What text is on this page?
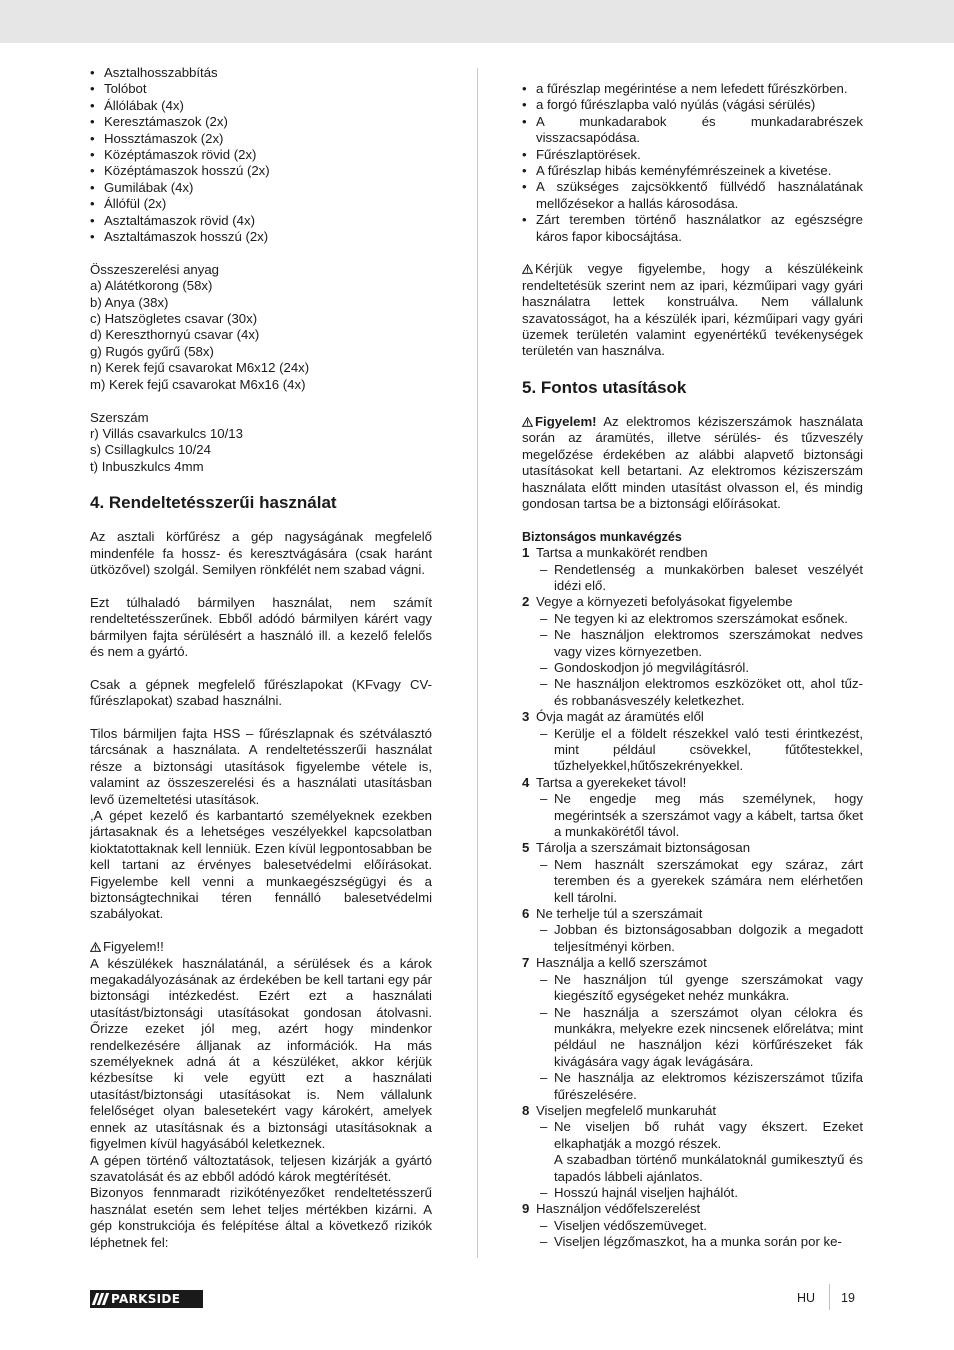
• Asztalhosszabbítás
• Tolóbot
• Állólábak (4x)
• Keresztámaszok (2x)
• Hossztámaszok (2x)
• Középtámaszok rövid (2x)
• Középtámaszok hosszú (2x)
• Gumilábak (4x)
• Állófül (2x)
• Asztaltámaszok rövid (4x)
• Asztaltámaszok hosszú (2x)
Összeszerelési anyag
a) Alátétkorong (58x)
b) Anya (38x)
c) Hatszögletes csavar (30x)
d) Kereszthornyú csavar (4x)
g) Rugós gyűrű (58x)
n) Kerek fejű csavarokat M6x12 (24x)
m) Kerek fejű csavarokat M6x16 (4x)
Szerszám
r) Villás csavarkulcs 10/13
s) Csillagkulcs 10/24
t) Inbuszkulcs 4mm
4. Rendeltetésszerűi használat

Az asztali körfűrész a gép nagyságának megfelelő mindenféle fa hossz- és keresztvágására (csak haránt ütközővel) szolgál. Semilyen rönkfélét nem szabad vágni.

Ezt túlhaladó bármilyen használat, nem számít rendeltetésszerűnek. Ebből adódó bármilyen kárért vagy bármilyen fajta sérülésért a használó ill. a kezelő felelős és nem a gyártó.

Csak a gépnek megfelelő fűrészlapokat (KFvagy CV-fűrészlapokat) szabad használni.

Tilos bármiljen fajta HSS – fűrészlapnak és szétválasztó tárcsának a használata. A rendeltetésszerűi használat része a biztonsági utasítások figyelembe vétele is, valamint az összeszerelési és a használati utasításban levő üzemeltetési utasítások.

,A gépet kezelő és karbantartó személyeknek ezekben jártasaknak és a lehetséges veszélyekkel kapcsolatban kioktatottaknak kell lenniük. Ezen kívül legpontosabban be kell tartani az érvényes balesetvédelmi előírásokat. Figyelembe kell venni a munkaegészségügyi és a biztonságtechnikai téren fennálló balesetvédelmi szabályokat.

Figyelem!!

A készülékek használatánál, a sérülések és a károk megakadályozásának az érdekében be kell tartani egy pár biztonsági intézkedést. Ezért ezt a használati utasítást/biztonsági utasításokat gondosan átolvasni. Őrizze ezeket jól meg, azért hogy mindenkor rendelkezésére álljanak az információk. Ha más személyeknek adná át a készüléket, akkor kérjük kézbesítse ki vele együtt ezt a használati utasítást/biztonsági utasításokat is. Nem vállalunk felelőséget olyan balesetekért vagy károkért, amelyek ennek az utasításnak és a biztonsági utasításoknak a figyelmen kívül hagyásából keletkeznek.

A gépen történő változtatások, teljesen kizárják a gyártó szavatolását és az ebből adódó károk megtérítését.

Bizonyos fennmaradt rizikótényezőket rendeltetésszerű használat esetén sem lehet teljes mértékben kizárni. A gép konstrukciója és felépítése által a következő rizikók léphetnek fel:

• a fűrészlap megérintése a nem lefedett fűrészkörben.
• a forgó fűrészlapba való nyúlás (vágási sérülés)
• A munkadarabok és munkadarabrészek visszacsapódása.
• Fűrészlaptörések.
• A fűrészlap hibás keményfémrészeinek a kivetése.
• A szükséges zajcsökkentő füllvédő használatának mellőzésekor a hallás károsodása.
• Zárt teremben történő használatkor az egészségre káros fapor kibocsájtása.

Kérjük vegye figyelembe, hogy a készülékeink rendeltetésük szerint nem az ipari, kézműipari vagy gyári használatra lettek konstruálva. Nem vállalunk szavatosságot, ha a készülék ipari, kézműipari vagy gyári üzemek területén valamint egyenértékű tevékenységek területén van használva.

5. Fontos utasítások

Figyelem! Az elektromos kéziszerszámok használata során az áramütés, illetve sérülés- és tűzveszély megelőzése érdekében az alábbi alapvető biztonsági utasításokat kell betartani. Az elektromos kéziszerszám használata előtt minden utasítást olvasson el, és mindig gondosan tartsa be a biztonsági előírásokat.

Biztonságos munkavégzés
1 Tartsa a munkakörét rendben
– Rendetlenség a munkakörben baleset veszélyét idézi elő.
2 Vegye a környezeti befolyásokat figyelembe
– Ne tegyen ki az elektromos szerszámokat esőnek.
– Ne használjon elektromos szerszámokat nedves vagy vizes környezetben.
– Gondoskodjon jó megvilágításról.
– Ne használjon elektromos eszközöket ott, ahol tűz- és robbanásveszély keletkezhet.
3 Óvja magát az áramütés elől
– Kerülje el a földelt részekkel való testi érintkezést, mint például csövekkel, fűtőtestekkel, tűzhelyekkel,hűtőszekrényekkel.
4 Tartsa a gyerekeket távol!
– Ne engedje meg más személynek, hogy megérintsék a szerszámot vagy a kábelt, tartsa őket a munkakörétől távol.
5 Tárolja a szerszámait biztonságosan
– Nem használt szerszámokat egy száraz, zárt teremben és a gyerekek számára nem elérhetően kell tárolni.
6 Ne terhelje túl a szerszámait
– Jobban és biztonságosabban dolgozik a megadott teljesítményi körben.
7 Használja a kellő szerszámot
– Ne használjon túl gyenge szerszámokat vagy kiegészítő egységeket nehéz munkákra.
– Ne használja a szerszámot olyan célokra és munkákra, melyekre ezek nincsenek előrelátva; mint például ne használjon kézi körfűrészeket fák kivágására vagy ágak levágására.
– Ne használja az elektromos kéziszerszámot tűzifa fűrészelésére.
8 Viseljen megfelelő munkaruhát
– Ne viseljen bő ruhát vagy ékszert. Ezeket elkaphatják a mozgó részek.
A szabadban történő munkálatoknál gumikesztyű és tapadós lábbeli ajánlatos.
– Hosszú hajnál viseljen hajhálót.
9 Használjon védőfelszerelést
– Viseljen védőszemüveget.
– Viseljen légzőmaszkot, ha a munka során por ke-
PARKSIDE	HU 19
